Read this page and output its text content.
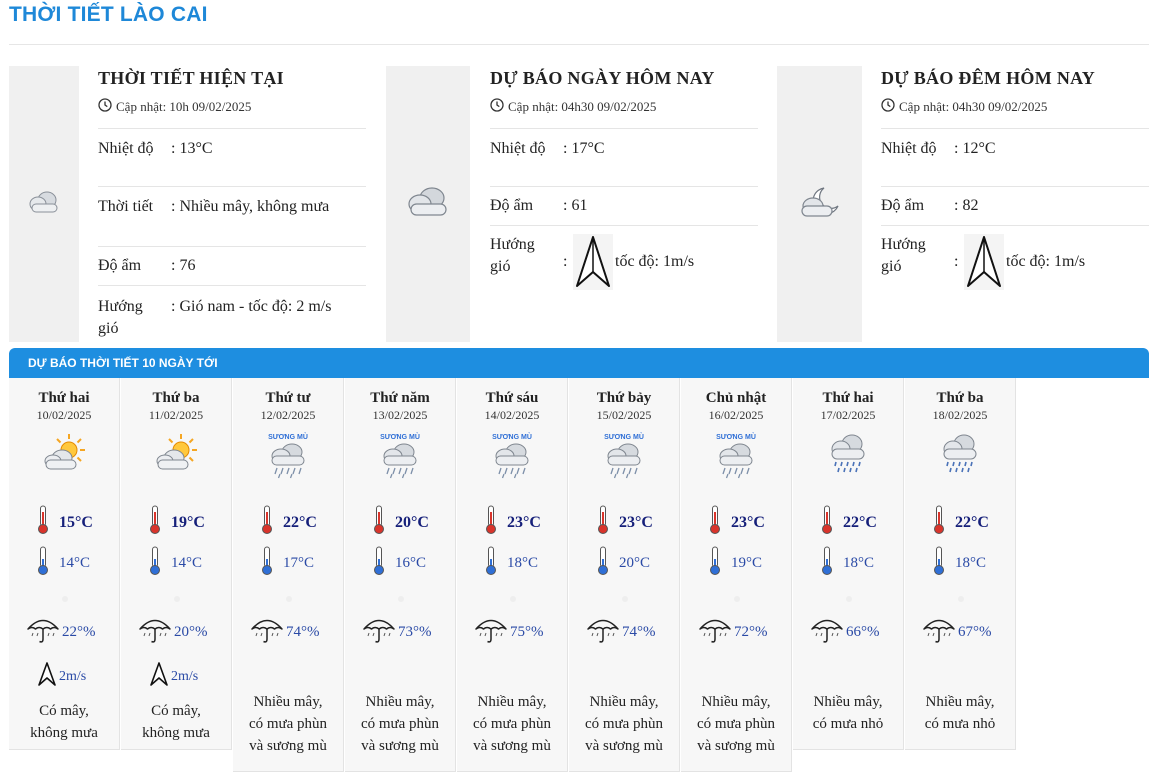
THỜI TIẾT LÀO CAI
THỜI TIẾT HIỆN TẠI
Cập nhật: 10h 09/02/2025
Nhiệt độ	: 13°C
Thời tiết	: Nhiều mây, không mưa
Độ ẩm	: 76
Hướng gió
: Gió nam - tốc độ: 2 m/s
DỰ BÁO NGÀY HÔM NAY
Cập nhật: 04h30 09/02/2025
Nhiệt độ	: 17°C
Độ ẩm	: 61
Hướng gió	:	tốc độ: 1m/s
DỰ BÁO ĐÊM HÔM NAY
Cập nhật: 04h30 09/02/2025
Nhiệt độ	: 12°C
Độ ẩm	: 82
Hướng gió	:	tốc độ: 1m/s
DỰ BÁO THỜI TIẾT 10 NGÀY TỚI
Thứ hai
10/02/2025
15°C
14°C
22°%
2m/s
Có mây,
không mưa
Thứ ba
11/02/2025
19°C
14°C
20°%
2m/s
Có mây,
không mưa
Thứ tư
12/02/2025
SƯƠNG MÙ
22°C
17°C
74°%
Nhiều mây,
có mưa phùn
và sương mù
Thứ năm
13/02/2025
SƯƠNG MÙ
20°C
16°C
73°%
Nhiều mây,
có mưa phùn
và sương mù
Thứ sáu
14/02/2025
SƯƠNG MÙ
23°C
18°C
75°%
Nhiều mây,
có mưa phùn
và sương mù
Thứ bảy
15/02/2025
SƯƠNG MÙ
23°C
20°C
74°%
Nhiều mây,
có mưa phùn
và sương mù
Chủ nhật
16/02/2025
SƯƠNG MÙ
23°C
19°C
72°%
Nhiều mây,
có mưa phùn
và sương mù
Thứ hai
17/02/2025
22°C
18°C
66°%
Nhiều mây,
có mưa nhỏ
Thứ ba
18/02/2025
22°C
18°C
67°%
Nhiều mây,
có mưa nhỏ
